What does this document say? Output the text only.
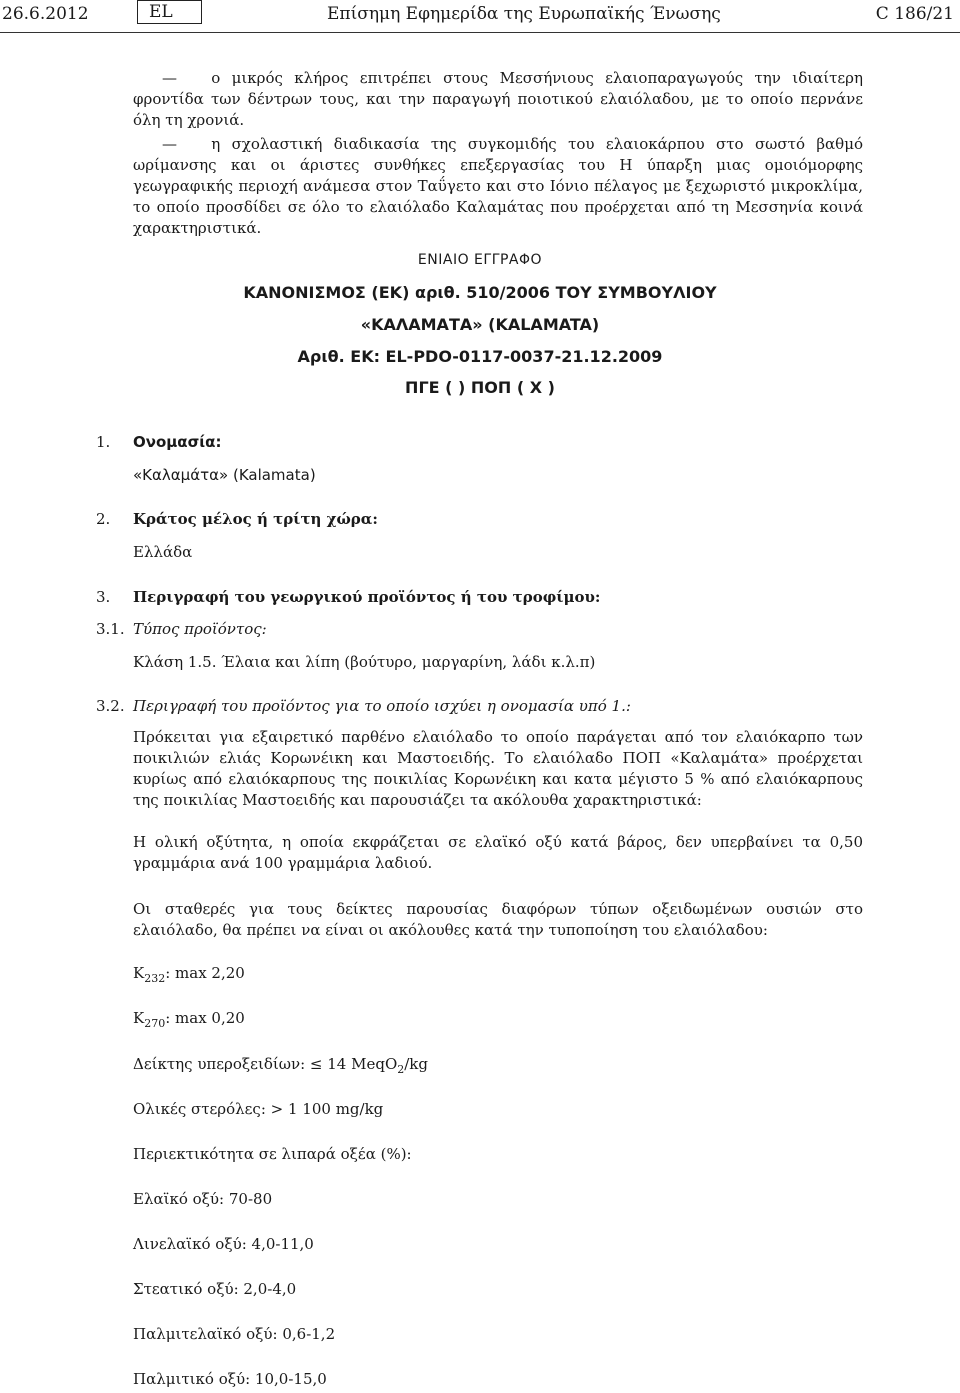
26.6.2012	EL	Επίσημη Εφημερίδα της Ευρωπαϊκής Ένωσης	C 186/21
— ο μικρός κλήρος επιτρέπει στους Μεσσήνιους ελαιοπαραγωγούς την ιδιαίτερη φροντίδα των δέντρων τους, και την παραγωγή ποιοτικού ελαιόλαδου, με το οποίο περνάνε όλη τη χρονιά.
— η σχολαστική διαδικασία της συγκομιδής του ελαιοκάρπου στο σωστό βαθμό ωρίμανσης και οι άριστες συνθήκες επεξεργασίας του Η ύπαρξη μιας ομοιόμορφης γεωγραφικής περιοχή ανάμεσα στον Ταΰγετο και στο Ιόνιο πέλαγος με ξεχωριστό μικροκλίμα, το οποίο προσδίδει σε όλο το ελαιόλαδο Καλαμάτας που προέρχεται από τη Μεσσηνία κοινά χαρακτηριστικά.
ΕΝΙΑΙΟ ΕΓΓΡΑΦΟ
ΚΑΝΟΝΙΣΜΟΣ (ΕΚ) αριθ. 510/2006 ΤΟΥ ΣΥΜΒΟΥΛΙΟΥ
«ΚΑΛΑΜΑΤΑ» (KALAMATA)
Αριθ. ΕΚ: EL-PDO-0117-0037-21.12.2009
ΠΓΕ ( ) ΠΟΠ ( X )
1. Ονομασία:
«Καλαμάτα» (Kalamata)
2. Κράτος μέλος ή τρίτη χώρα:
Ελλάδα
3. Περιγραφή του γεωργικού προϊόντος ή του τροφίμου:
3.1. Τύπος προϊόντος:
Κλάση 1.5. Έλαια και λίπη (βούτυρο, μαργαρίνη, λάδι κ.λ.π)
3.2. Περιγραφή του προϊόντος για το οποίο ισχύει η ονομασία υπό 1.:
Πρόκειται για εξαιρετικό παρθένο ελαιόλαδο το οποίο παράγεται από τον ελαιόκαρπο των ποικιλιών ελιάς Κορωνέικη και Μαστοειδής. Το ελαιόλαδο ΠΟΠ «Καλαμάτα» προέρχεται κυρίως από ελαιόκαρπους της ποικιλίας Κορωνέικη και κατα μέγιστο 5 % από ελαιόκαρπους της ποικιλίας Μαστοειδής και παρουσιάζει τα ακόλουθα χαρακτηριστικά:
Η ολική οξύτητα, η οποία εκφράζεται σε ελαϊκό οξύ κατά βάρος, δεν υπερβαίνει τα 0,50 γραμμάρια ανά 100 γραμμάρια λαδιού.
Οι σταθερές για τους δείκτες παρουσίας διαφόρων τύπων οξειδωμένων ουσιών στο ελαιόλαδο, θα πρέπει να είναι οι ακόλουθες κατά την τυποποίηση του ελαιόλαδου:
$K_{232}$: max 2,20
$K_{270}$: max 0,20
Δείκτης υπεροξειδίων: ≤ 14 MeqO$_2$/kg
Ολικές στερόλες: > 1 100 mg/kg
Περιεκτικότητα σε λιπαρά οξέα (%):
Ελαϊκό οξύ: 70-80
Λινελαϊκό οξύ: 4,0-11,0
Στεατικό οξύ: 2,0-4,0
Παλμιτελαϊκό οξύ: 0,6-1,2
Παλμιτικό οξύ: 10,0-15,0
